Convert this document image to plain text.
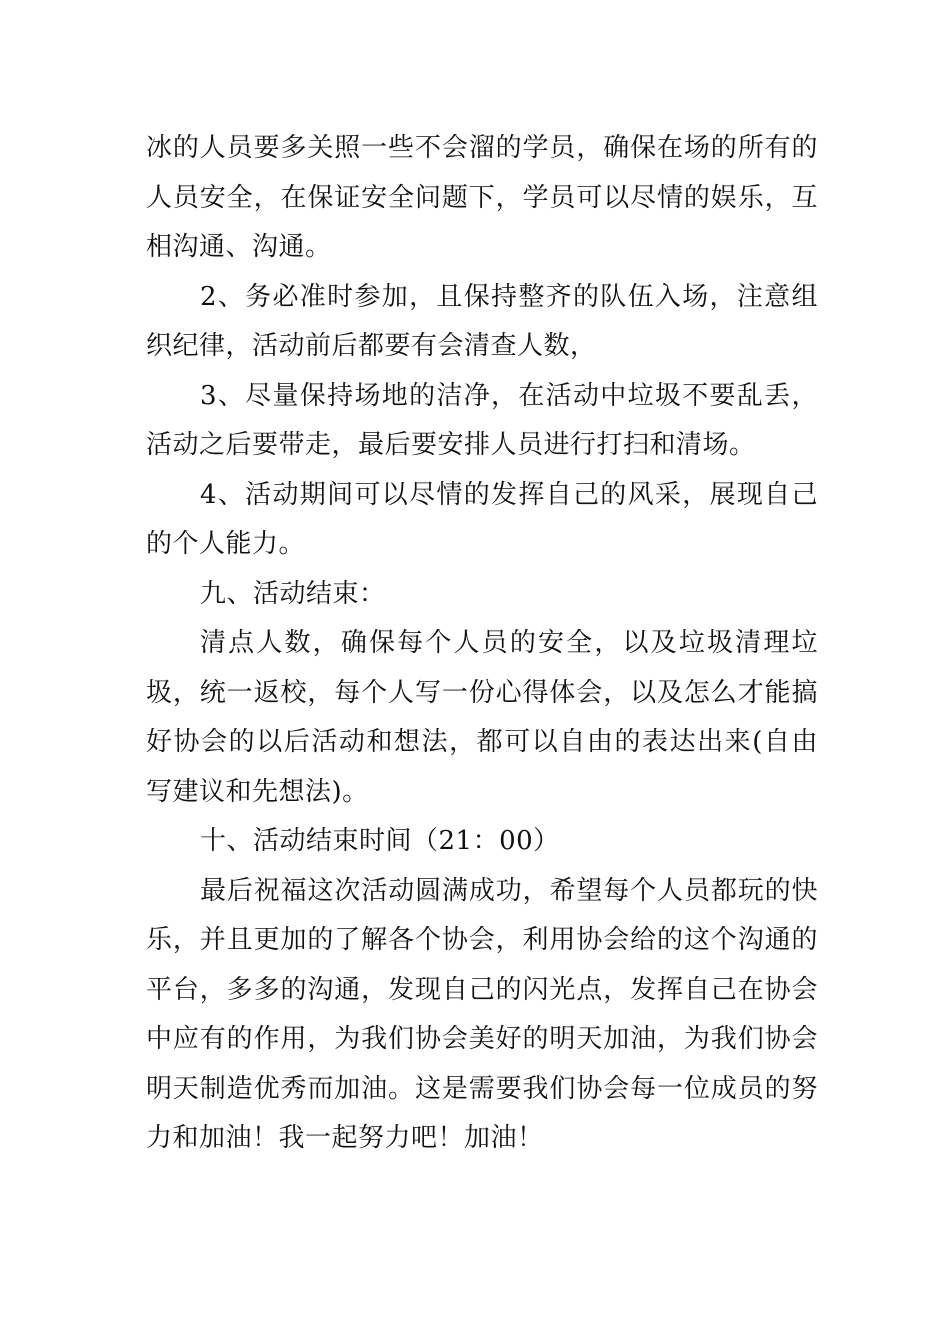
冰的人员要多关照一些不会溜的学员，确保在场的所有的人员安全，在保证安全问题下，学员可以尽情的娱乐，互相沟通、沟通。

2、务必准时参加，且保持整齐的队伍入场，注意组织纪律，活动前后都要有会清查人数，

3、尽量保持场地的洁净，在活动中垃圾不要乱丢，活动之后要带走，最后要安排人员进行打扫和清场。

4、活动期间可以尽情的发挥自己的风采，展现自己的个人能力。

九、活动结束：

清点人数，确保每个人员的安全，以及垃圾清理垃圾，统一返校，每个人写一份心得体会，以及怎么才能搞好协会的以后活动和想法，都可以自由的表达出来(自由写建议和先想法)。

十、活动结束时间（21：00）

最后祝福这次活动圆满成功，希望每个人员都玩的快乐，并且更加的了解各个协会，利用协会给的这个沟通的平台，多多的沟通，发现自己的闪光点，发挥自己在协会中应有的作用，为我们协会美好的明天加油，为我们协会明天制造优秀而加油。这是需要我们协会每一位成员的努力和加油！我一起努力吧！加油！
